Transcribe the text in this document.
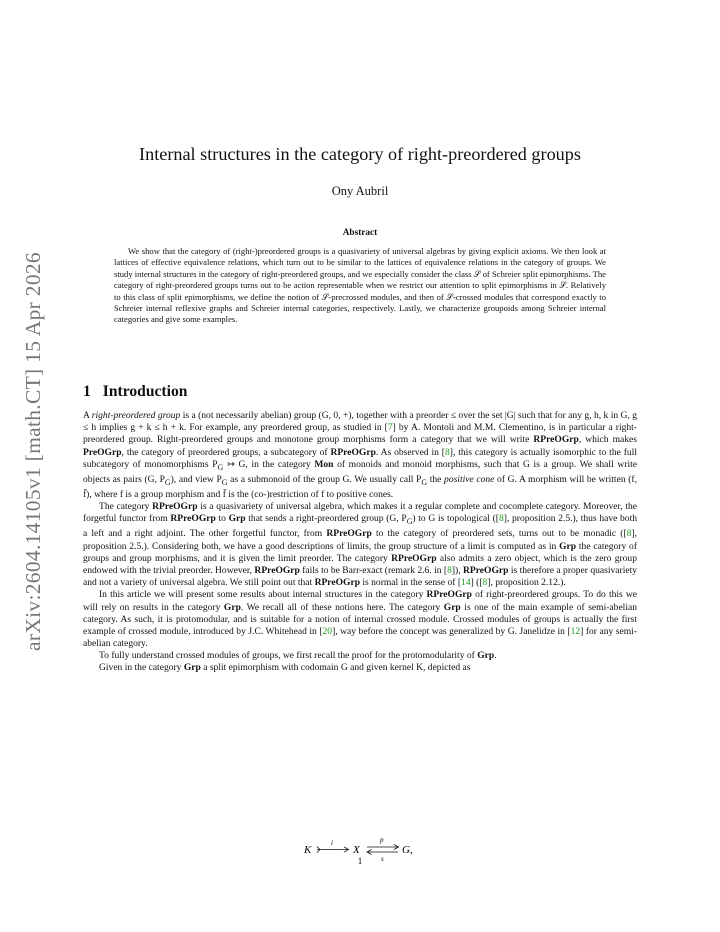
arXiv:2604.14105v1 [math.CT] 15 Apr 2026
Internal structures in the category of right-preordered groups
Ony Aubril
Abstract

We show that the category of (right-)preordered groups is a quasivariety of universal algebras by giving explicit axioms. We then look at lattices of effective equivalence relations, which turn out to be similar to the lattices of equivalence relations in the category of groups. We study internal structures in the category of right-preordered groups, and we especially consider the class 𝒮 of Schreier split epimorphisms. The category of right-preordered groups turns out to be action representable when we restrict our attention to split epimorphisms in 𝒮. Relatively to this class of split epimorphisms, we define the notion of 𝒮-precrossed modules, and then of 𝒮-crossed modules that correspond exactly to Schreier internal reflexive graphs and Schreier internal categories, respectively. Lastly, we characterize groupoids among Schreier internal categories and give some examples.

1 Introduction

A right-preordered group is a (not necessarily abelian) group (G, 0, +), together with a preorder ≤ over the set |G| such that for any g, h, k in G, g ≤ h implies g + k ≤ h + k. For example, any preordered group, as studied in [7] by A. Montoli and M.M. Clementino, is in particular a right-preordered group. Right-preordered groups and monotone group morphisms form a category that we will write RPreOGrp, which makes PreOGrp, the category of preordered groups, a subcategory of RPreOGrp. As observed in [8], this category is actually isomorphic to the full subcategory of monomorphisms $P_G$ ↣ G, in the category Mon of monoids and monoid morphisms, such that G is a group. We shall write objects as pairs (G, $P_G$), and view $P_G$ as a submonoid of the group G. We usually call $P_G$ the positive cone of G. A morphism will be written (f, f̄), where f is a group morphism and f̄ is the (co-)restriction of f to positive cones.

The category RPreOGrp is a quasivariety of universal algebra, which makes it a regular complete and cocomplete category. Moreover, the forgetful functor from RPreOGrp to Grp that sends a right-preordered group (G, $P_G$) to G is topological ([8], proposition 2.5.), thus have both a left and a right adjoint. The other forgetful functor, from RPreOGrp to the category of preordered sets, turns out to be monadic ([8], proposition 2.5.). Considering both, we have a good descriptions of limits, the group structure of a limit is computed as in Grp the category of groups and group morphisms, and it is given the limit preorder. The category RPreOGrp also admits a zero object, which is the zero group endowed with the trivial preorder. However, RPreOGrp fails to be Barr-exact (remark 2.6. in [8]), RPreOGrp is therefore a proper quasivariety and not a variety of universal algebra. We still point out that RPreOGrp is normal in the sense of [14] ([8], proposition 2.12.).

In this article we will present some results about internal structures in the category RPreOGrp of right-preordered groups. To do this we will rely on results in the category Grp. We recall all of these notions here. The category Grp is one of the main example of semi-abelian category. As such, it is protomodular, and is suitable for a notion of internal crossed module. Crossed modules of groups is actually the first example of crossed module, introduced by J.C. Whitehead in [20], way before the concept was generalized by G. Janelidze in [12] for any semi-abelian category.

To fully understand crossed modules of groups, we first recall the proof for the protomodularity of Grp.

Given in the category Grp a split epimorphism with codomain G and given kernel K, depicted as

K
i
X
p
s
G,
1
